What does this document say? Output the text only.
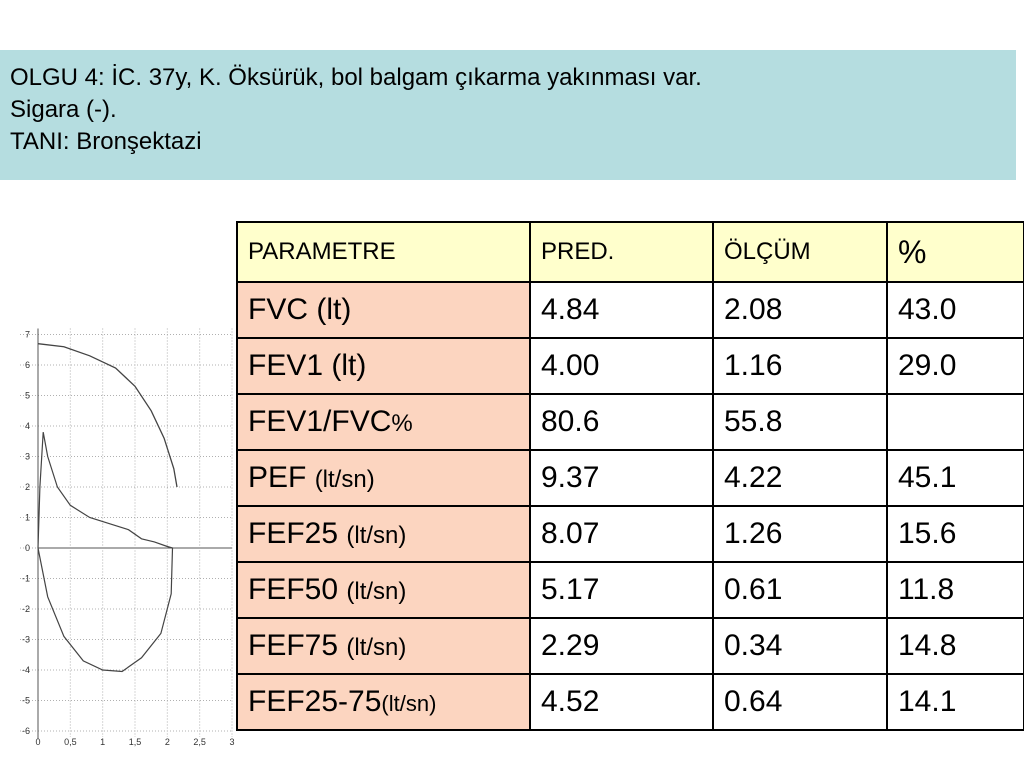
OLGU 4: İC. 37y, K. Öksürük, bol balgam çıkarma yakınması var.
Sigara (-).
TANI: Bronşektazi
7
6
5
4
3
2
1
0
-1
-2
-3
-4
-5
-6
0	0,5	1	1,5	2	2,5	3
PARAMETRE	PRED.	ÖLÇÜM	%
FVC (lt)	4.84	2.08	43.0
FEV1 (lt)	4.00	1.16	29.0
FEV1/FVC%	80.6	55.8	
PEF (lt/sn)	9.37	4.22	45.1
FEF25 (lt/sn)	8.07	1.26	15.6
FEF50 (lt/sn)	5.17	0.61	11.8
FEF75 (lt/sn)	2.29	0.34	14.8
FEF25-75(lt/sn)	4.52	0.64	14.1
